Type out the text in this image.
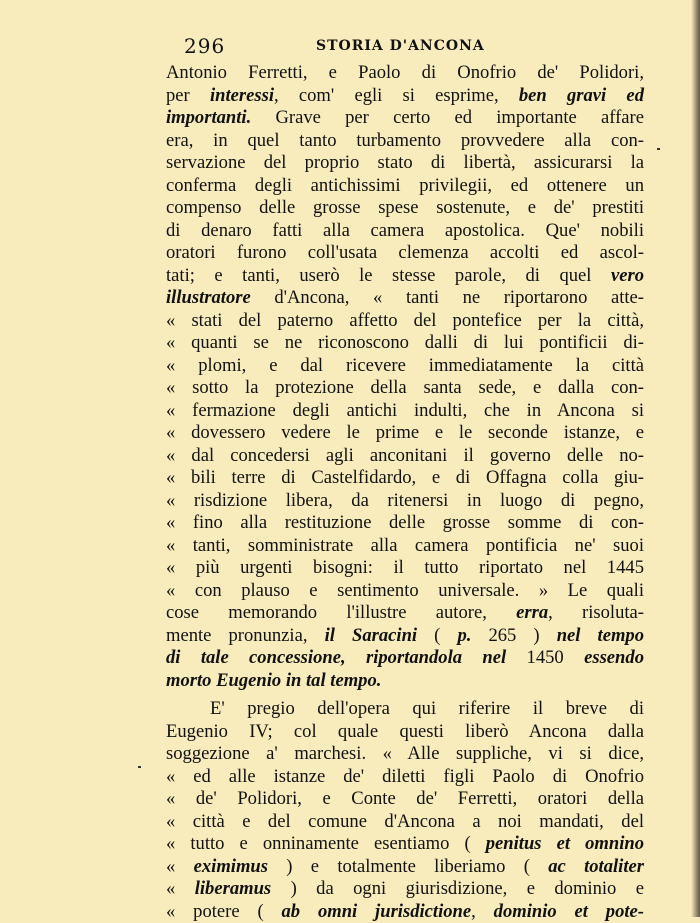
296	STORIA D'ANCONA
Antonio Ferretti, e Paolo di Onofrio de' Polidori,
per interessi, com' egli si esprime, ben gravi ed
importanti. Grave per certo ed importante affare
era, in quel tanto turbamento provvedere alla con-
servazione del proprio stato di libertà, assicurarsi la
conferma degli antichissimi privilegii, ed ottenere un
compenso delle grosse spese sostenute, e de' prestiti
di denaro fatti alla camera apostolica. Que' nobili
oratori furono coll'usata clemenza accolti ed ascol-
tati; e tanti, userò le stesse parole, di quel vero
illustratore d'Ancona, « tanti ne riportarono atte-
« stati del paterno affetto del pontefice per la città,
« quanti se ne riconoscono dalli di lui pontificii di-
« plomi, e dal ricevere immediatamente la città
« sotto la protezione della santa sede, e dalla con-
« fermazione degli antichi indulti, che in Ancona si
« dovessero vedere le prime e le seconde istanze, e
« dal concedersi agli anconitani il governo delle no-
« bili terre di Castelfidardo, e di Offagna colla giu-
« risdizione libera, da ritenersi in luogo di pegno,
« fino alla restituzione delle grosse somme di con-
« tanti, somministrate alla camera pontificia ne' suoi
« più urgenti bisogni: il tutto riportato nel 1445
« con plauso e sentimento universale. » Le quali
cose memorando l'illustre autore, erra, risoluta-
mente pronunzia, il Saracini ( p. 265 ) nel tempo
di tale concessione, riportandola nel 1450 essendo
morto Eugenio in tal tempo.
E' pregio dell'opera qui riferire il breve di
Eugenio IV; col quale questi liberò Ancona dalla
soggezione a' marchesi. « Alle suppliche, vi si dice,
« ed alle istanze de' diletti figli Paolo di Onofrio
« de' Polidori, e Conte de' Ferretti, oratori della
« città e del comune d'Ancona a noi mandati, del
« tutto e onninamente esentiamo ( penitus et omnino
« eximimus ) e totalmente liberiamo ( ac totaliter
« liberamus ) da ogni giurisdizione, e dominio e
« potere ( ab omni jurisdictione, dominio et pote-
